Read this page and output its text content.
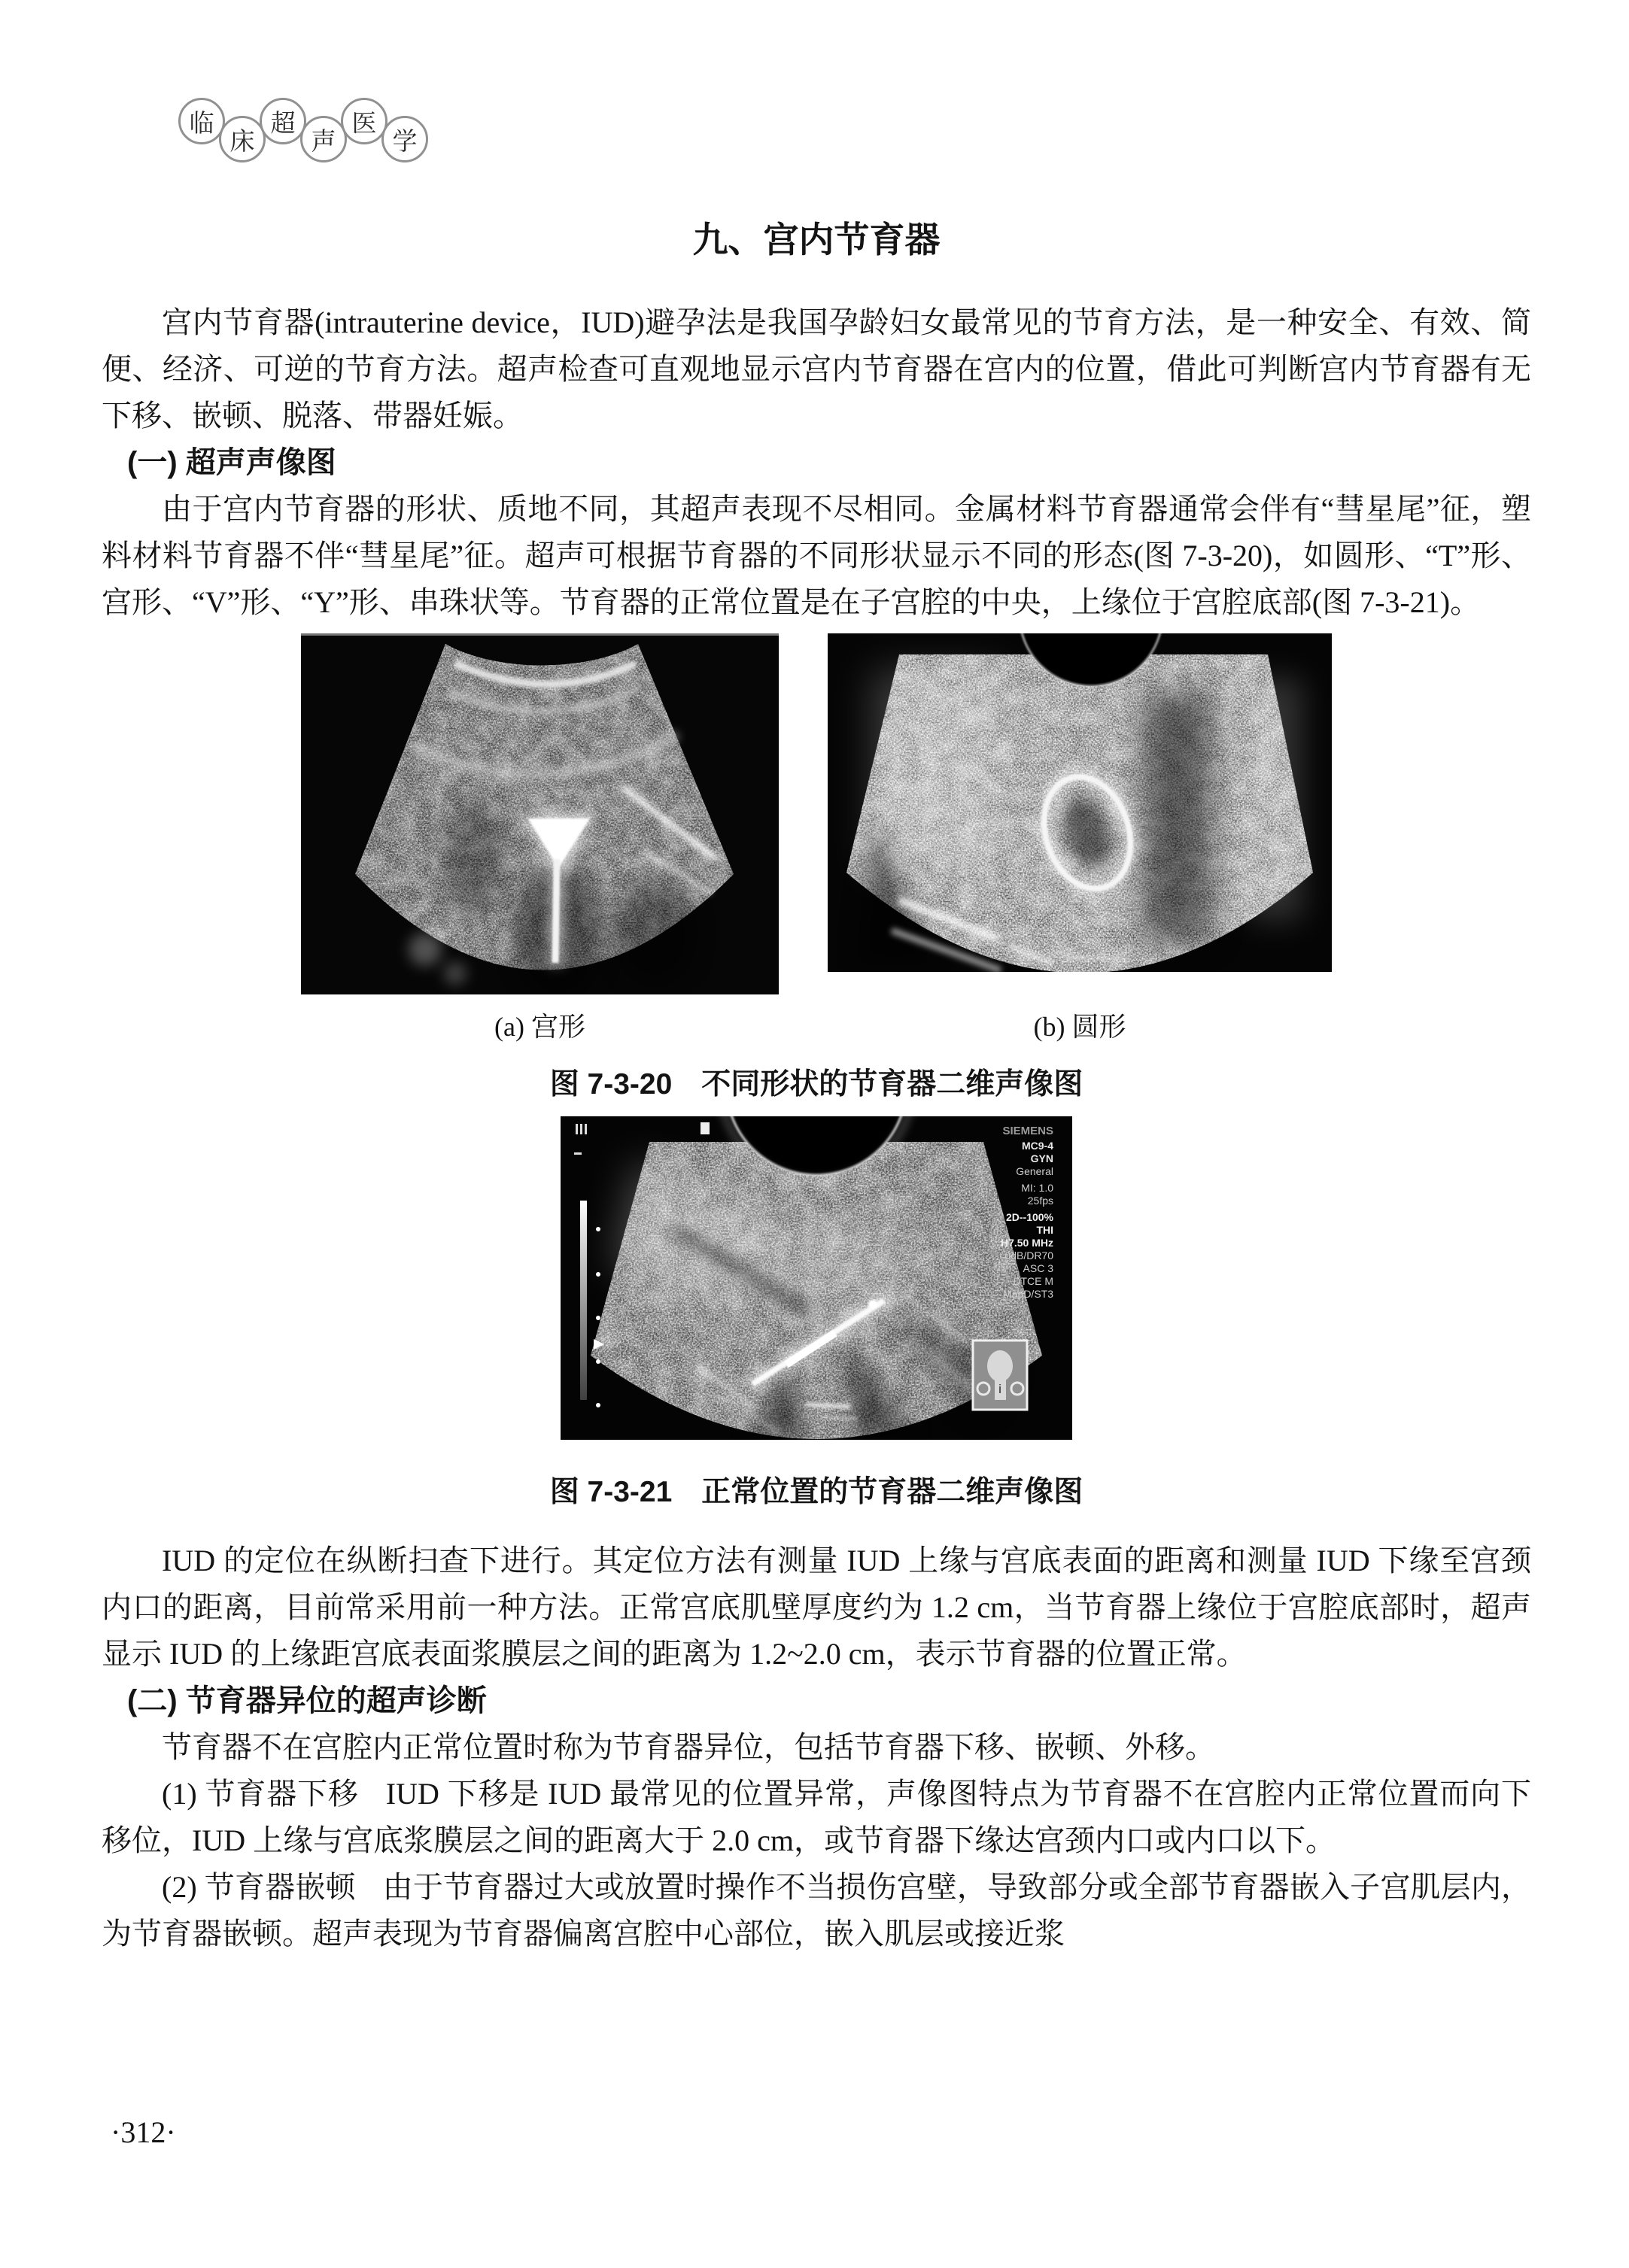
临
床
超
声
医
学
九、宫内节育器

宫内节育器(intrauterine device，IUD)避孕法是我国孕龄妇女最常见的节育方法，是一种安全、有效、简便、经济、可逆的节育方法。超声检查可直观地显示宫内节育器在宫内的位置，借此可判断宫内节育器有无下移、嵌顿、脱落、带器妊娠。

(一) 超声声像图

由于宫内节育器的形状、质地不同，其超声表现不尽相同。金属材料节育器通常会伴有“彗星尾”征，塑料材料节育器不伴“彗星尾”征。超声可根据节育器的不同形状显示不同的形态(图 7-3-20)，如圆形、“T”形、宫形、“V”形、“Y”形、串珠状等。节育器的正常位置是在子宫腔的中央，上缘位于宫腔底部(图 7-3-21)。

(a) 宫形	(b) 圆形

图 7-3-20　不同形状的节育器二维声像图

SIEMENS
MC9-4
GYN
General
MI: 1.0
25fps
2D--100%
THI
H7.50 MHz
0dB/DR70
ASC 3
DTCE M
MapD/ST3
i

图 7-3-21　正常位置的节育器二维声像图

IUD 的定位在纵断扫查下进行。其定位方法有测量 IUD 上缘与宫底表面的距离和测量 IUD 下缘至宫颈内口的距离，目前常采用前一种方法。正常宫底肌壁厚度约为 1.2 cm，当节育器上缘位于宫腔底部时，超声显示 IUD 的上缘距宫底表面浆膜层之间的距离为 1.2~2.0 cm，表示节育器的位置正常。

(二) 节育器异位的超声诊断

节育器不在宫腔内正常位置时称为节育器异位，包括节育器下移、嵌顿、外移。

(1) 节育器下移 IUD 下移是 IUD 最常见的位置异常，声像图特点为节育器不在宫腔内正常位置而向下移位，IUD 上缘与宫底浆膜层之间的距离大于 2.0 cm，或节育器下缘达宫颈内口或内口以下。

(2) 节育器嵌顿 由于节育器过大或放置时操作不当损伤宫壁，导致部分或全部节育器嵌入子宫肌层内，为节育器嵌顿。超声表现为节育器偏离宫腔中心部位，嵌入肌层或接近浆

·312·
